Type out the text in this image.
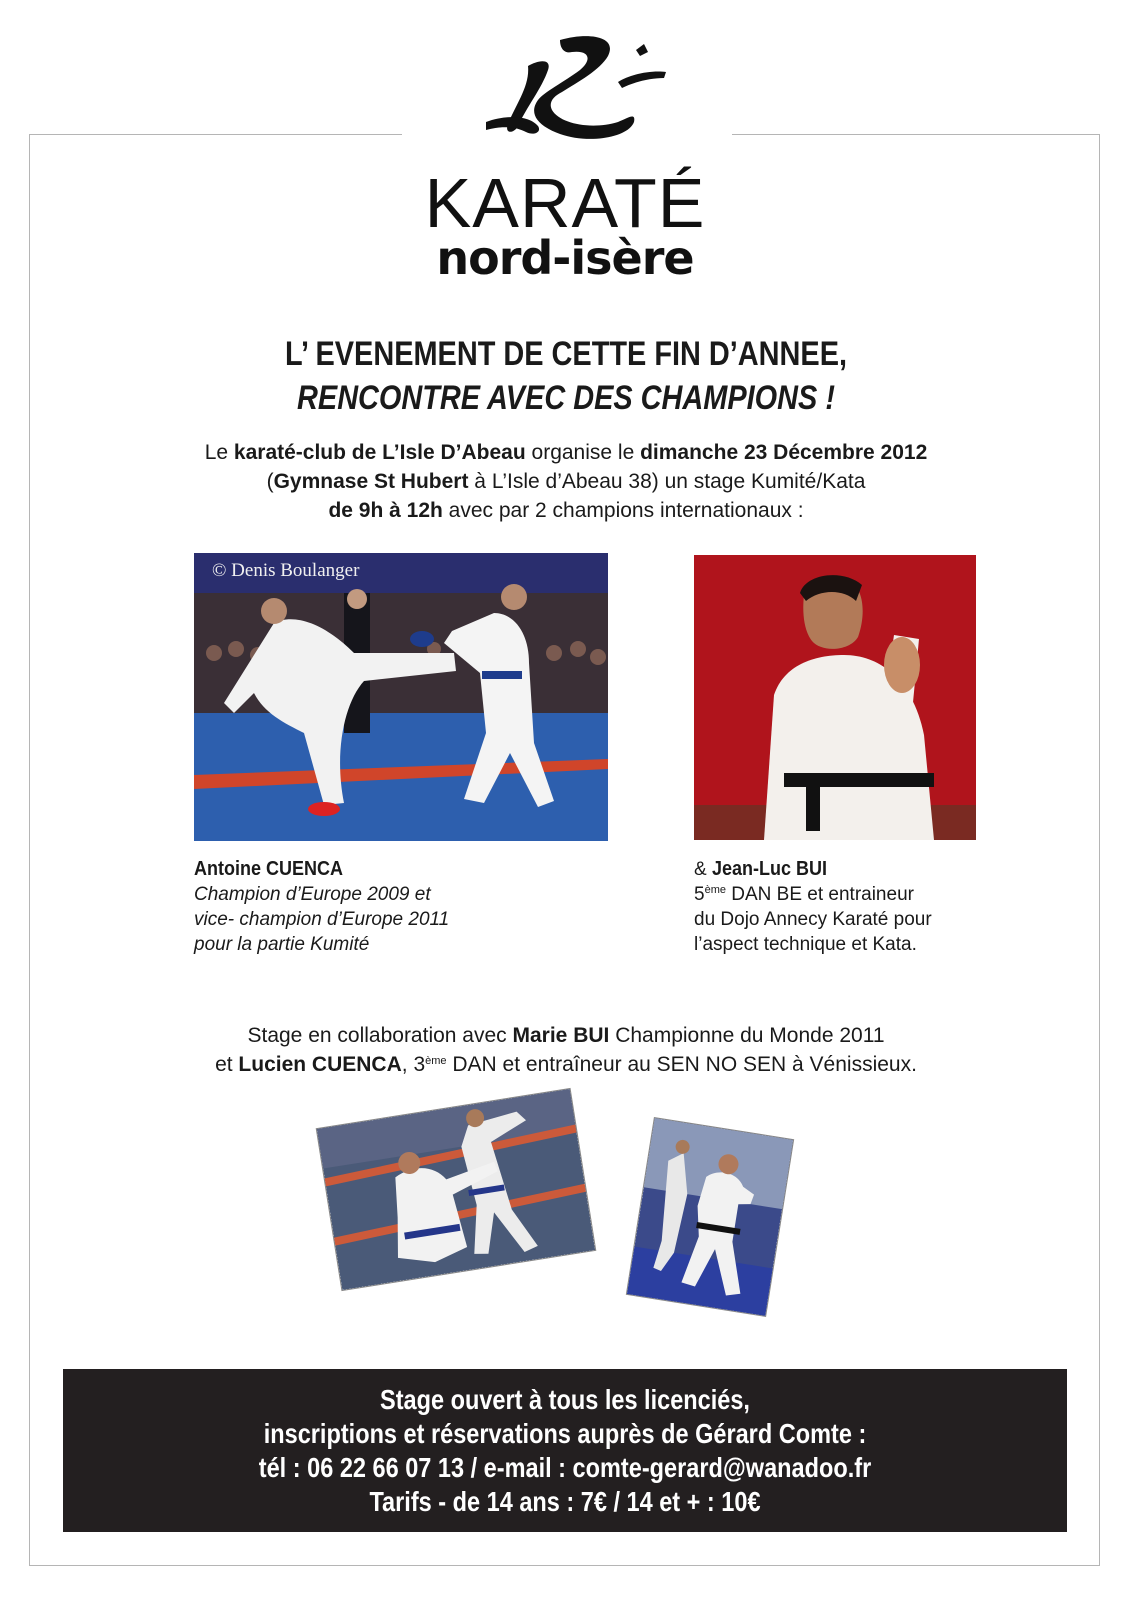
KARATÉ
nord-isère
L’ EVENEMENT DE CETTE FIN D’ANNEE,
RENCONTRE AVEC DES CHAMPIONS !
Le karaté-club de L’Isle D’Abeau organise le dimanche 23 Décembre 2012
(Gymnase St Hubert à L’Isle d’Abeau 38) un stage Kumité/Kata
de 9h à 12h avec par 2 champions internationaux :
© Denis Boulanger
Antoine CUENCA
Champion d’Europe 2009 et
vice- champion d’Europe 2011
pour la partie Kumité
& Jean-Luc BUI
5ème DAN BE et entraineur
du Dojo Annecy Karaté pour
l’aspect technique et Kata.
Stage en collaboration avec Marie BUI Championne du Monde 2011
et Lucien CUENCA, 3ème DAN et entraîneur au SEN NO SEN à Vénissieux.
Stage ouvert à tous les licenciés,
inscriptions et réservations auprès de Gérard Comte :
tél : 06 22 66 07 13 / e-mail : comte-gerard@wanadoo.fr
Tarifs - de 14 ans : 7€ / 14 et + : 10€
